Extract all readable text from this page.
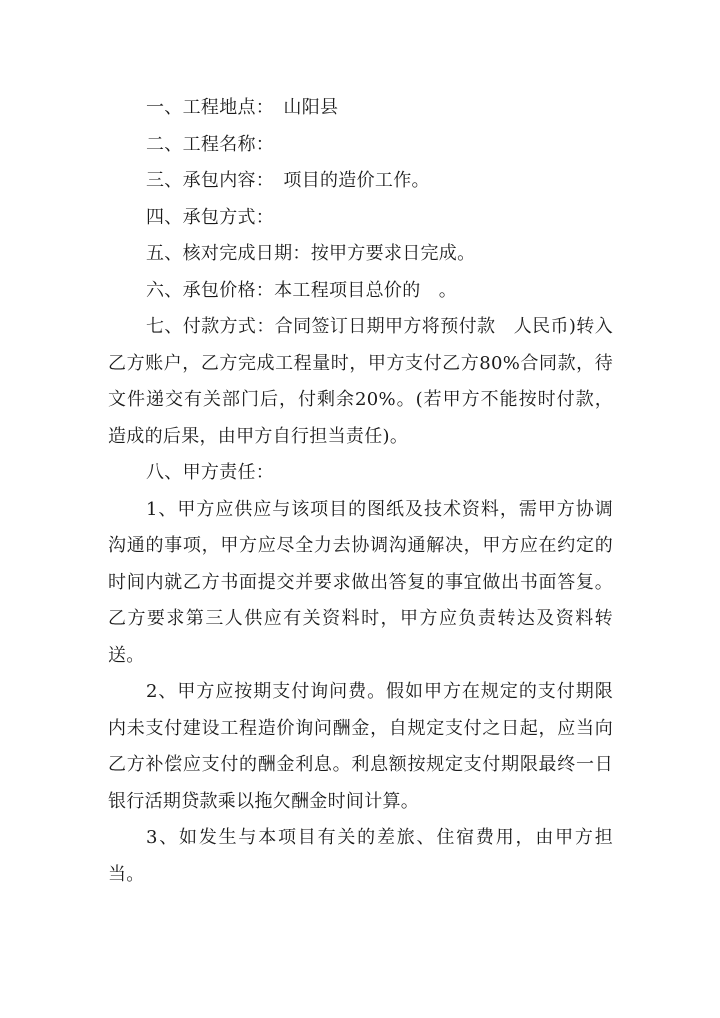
一、工程地点：　山阳县

二、工程名称：

三、承包内容：　项目的造价工作。

四、承包方式：

五、核对完成日期：按甲方要求日完成。

六、承包价格：本工程项目总价的　。

七、付款方式：合同签订日期甲方将预付款　人民币)转入乙方账户，乙方完成工程量时，甲方支付乙方80%合同款，待文件递交有关部门后，付剩余20%。(若甲方不能按时付款，造成的后果，由甲方自行担当责任)。

八、甲方责任：

1、甲方应供应与该项目的图纸及技术资料，需甲方协调沟通的事项，甲方应尽全力去协调沟通解决，甲方应在约定的时间内就乙方书面提交并要求做出答复的事宜做出书面答复。乙方要求第三人供应有关资料时，甲方应负责转达及资料转送。

2、甲方应按期支付询问费。假如甲方在规定的支付期限内未支付建设工程造价询问酬金，自规定支付之日起，应当向乙方补偿应支付的酬金利息。利息额按规定支付期限最终一日银行活期贷款乘以拖欠酬金时间计算。

3、如发生与本项目有关的差旅、住宿费用，由甲方担当。
